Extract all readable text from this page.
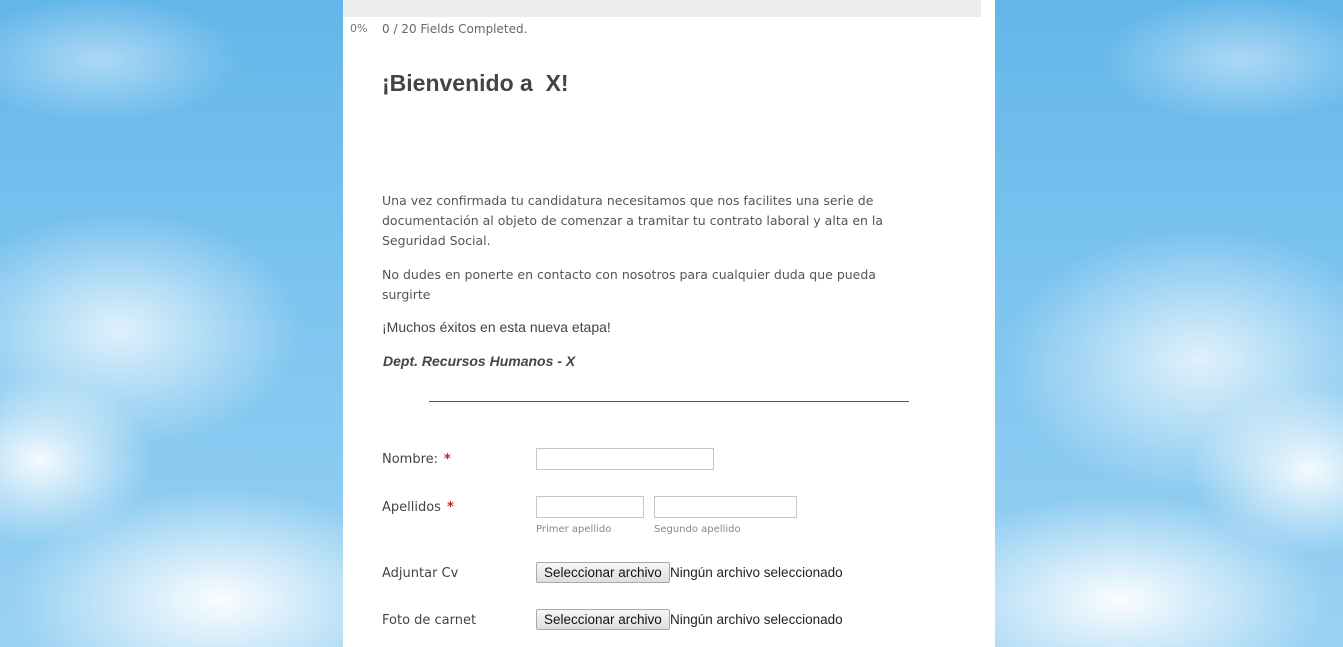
0% 0 / 20 Fields Completed.
¡Bienvenido a  X!

Una vez confirmada tu candidatura necesitamos que nos facilites una serie de documentación al objeto de comenzar a tramitar tu contrato laboral y alta en la Seguridad Social.

No dudes en ponerte en contacto con nosotros para cualquier duda que pueda surgirte

¡Muchos éxitos en esta nueva etapa!

Dept. Recursos Humanos - X

Nombre: *
Apellidos *
Primer apellido	Segundo apellido
Adjuntar Cv	Seleccionar archivo Ningún archivo seleccionado
Foto de carnet	Seleccionar archivo Ningún archivo seleccionado
